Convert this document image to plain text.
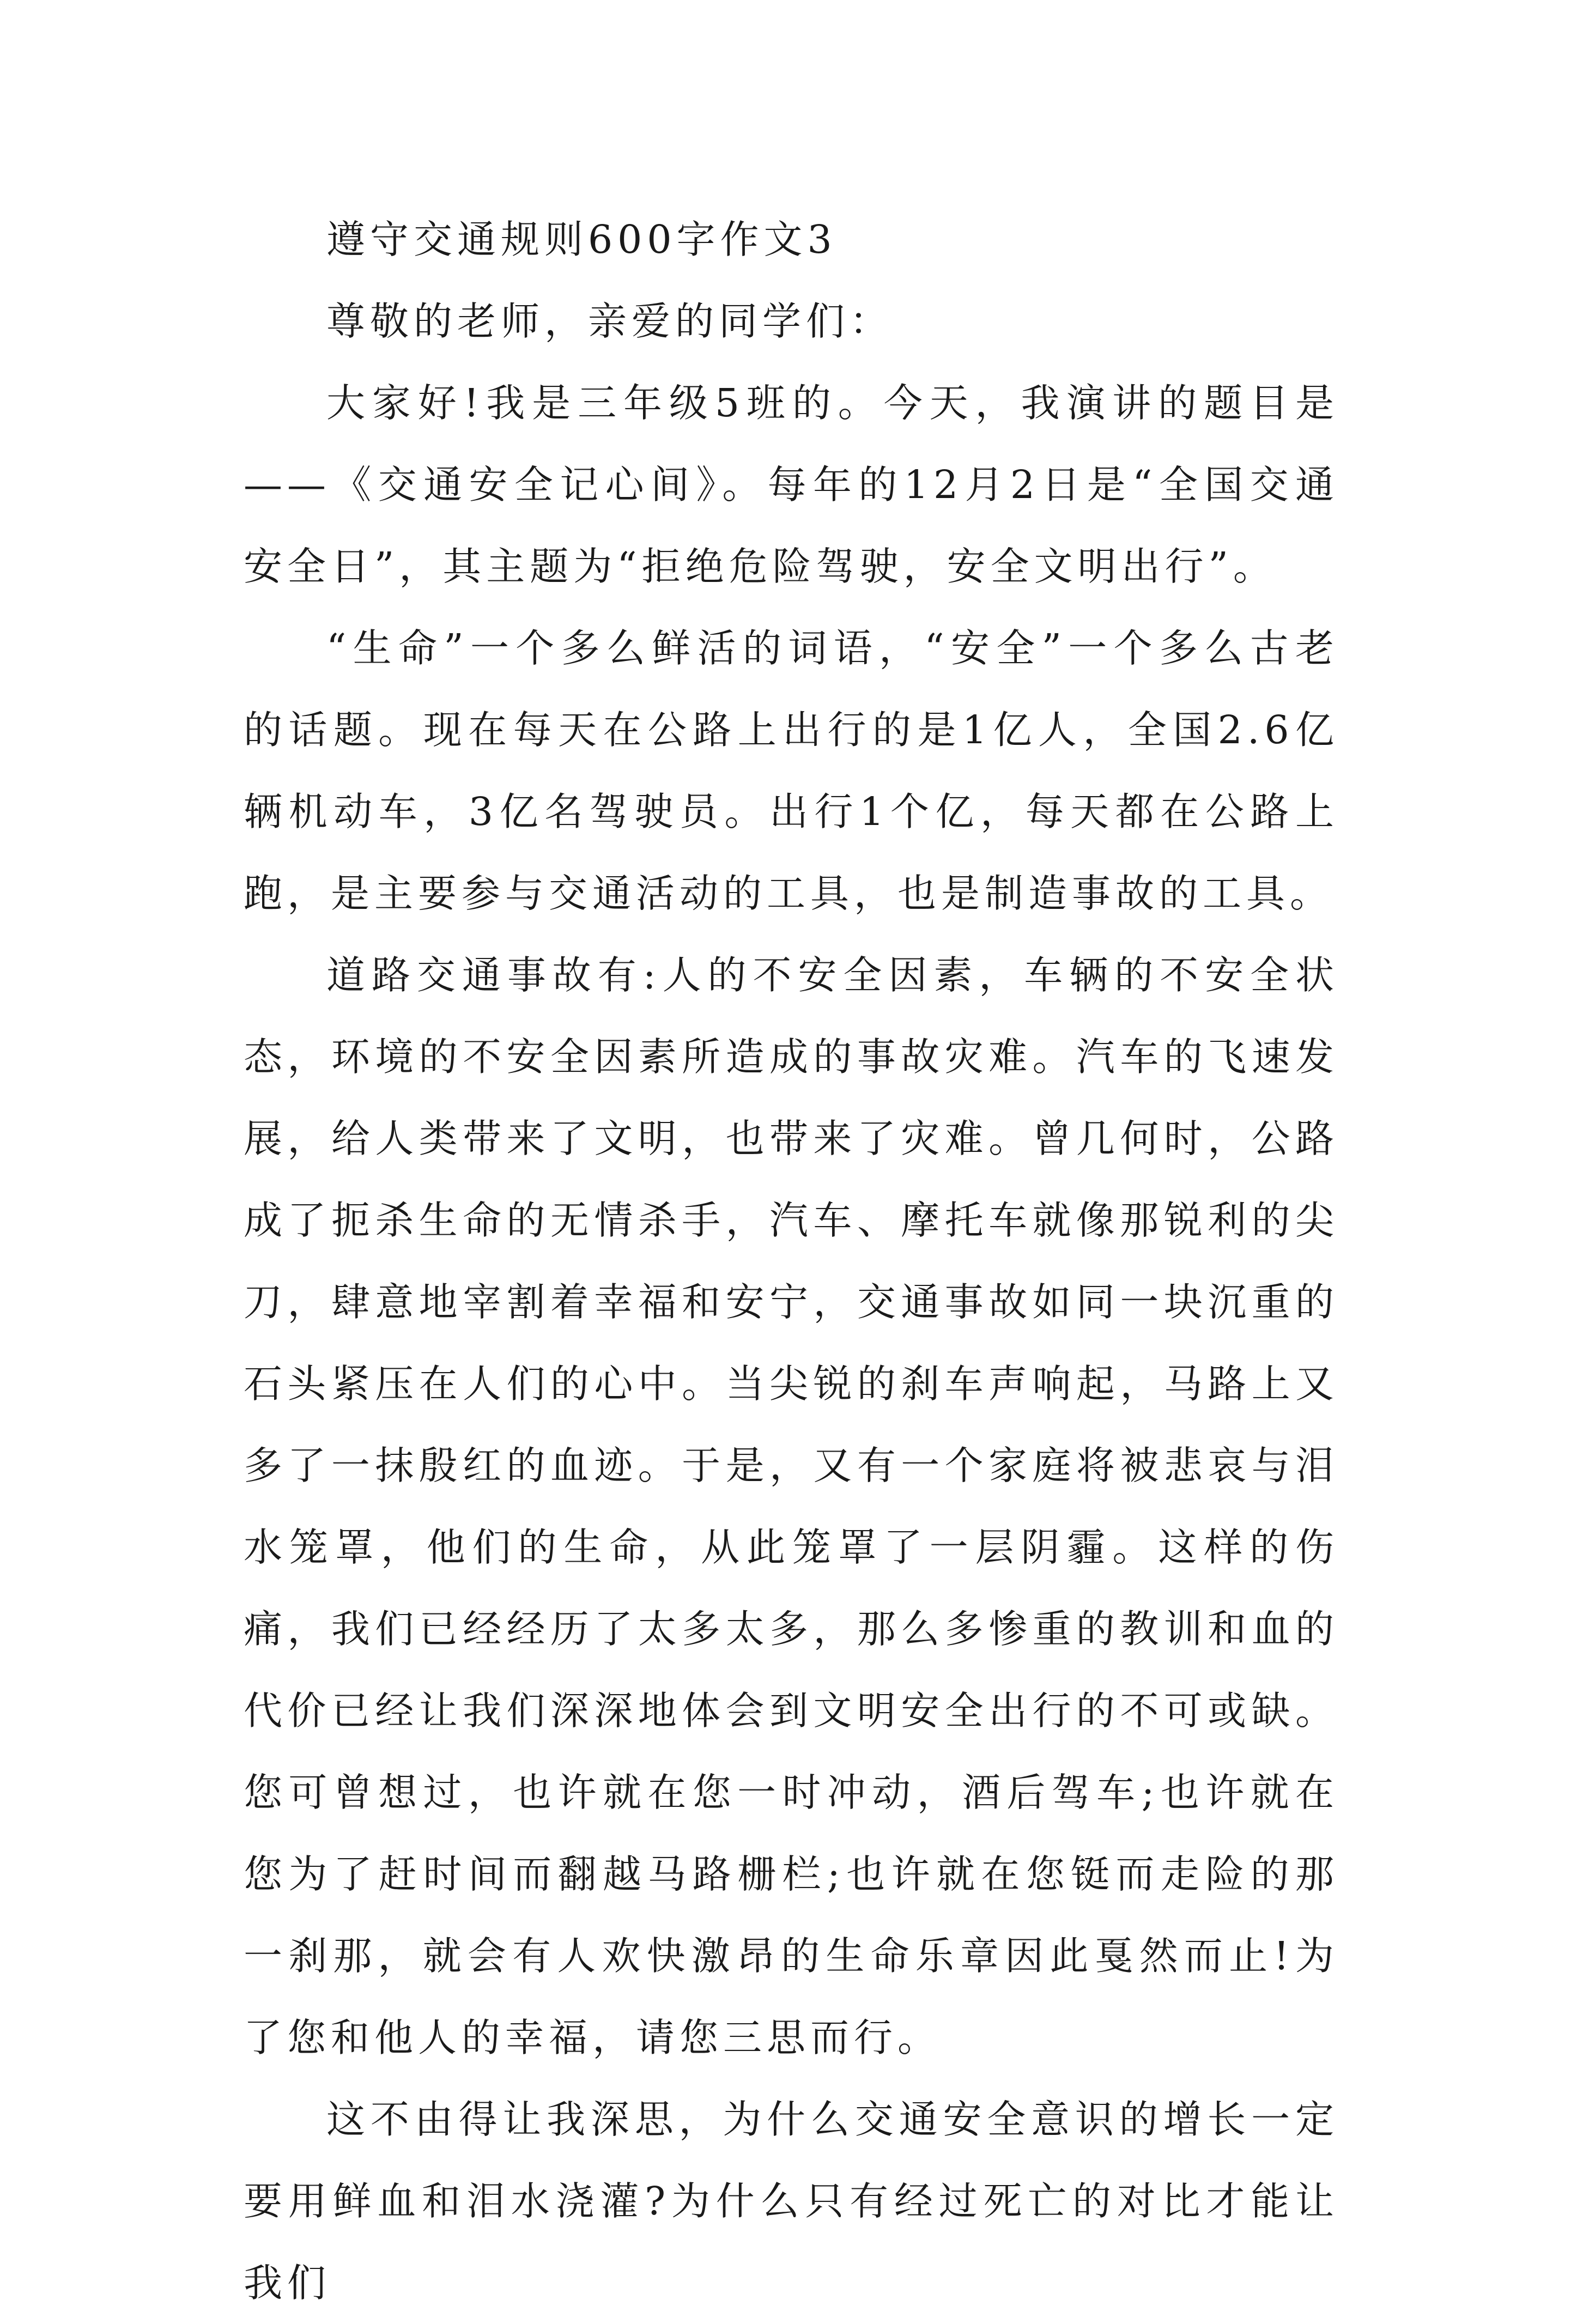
遵守交通规则600字作文3

尊敬的老师，亲爱的同学们：

大家好!我是三年级5班的。今天，我演讲的题目是——《交通安全记心间》。每年的12月2日是“全国交通安全日”，其主题为“拒绝危险驾驶，安全文明出行”。

“生命”一个多么鲜活的词语，“安全”一个多么古老的话题。现在每天在公路上出行的是1亿人，全国2.6亿辆机动车，3亿名驾驶员。出行1个亿，每天都在公路上跑，是主要参与交通活动的工具，也是制造事故的工具。

道路交通事故有:人的不安全因素，车辆的不安全状态，环境的不安全因素所造成的事故灾难。汽车的飞速发展，给人类带来了文明，也带来了灾难。曾几何时，公路成了扼杀生命的无情杀手，汽车、摩托车就像那锐利的尖刀，肆意地宰割着幸福和安宁，交通事故如同一块沉重的石头紧压在人们的心中。当尖锐的刹车声响起，马路上又多了一抹殷红的血迹。于是，又有一个家庭将被悲哀与泪水笼罩，他们的生命，从此笼罩了一层阴霾。这样的伤痛，我们已经经历了太多太多，那么多惨重的教训和血的代价已经让我们深深地体会到文明安全出行的不可或缺。您可曾想过，也许就在您一时冲动，酒后驾车;也许就在您为了赶时间而翻越马路栅栏;也许就在您铤而走险的那一刹那，就会有人欢快激昂的生命乐章因此戛然而止!为了您和他人的幸福，请您三思而行。

这不由得让我深思，为什么交通安全意识的增长一定要用鲜血和泪水浇灌?为什么只有经过死亡的对比才能让我们
